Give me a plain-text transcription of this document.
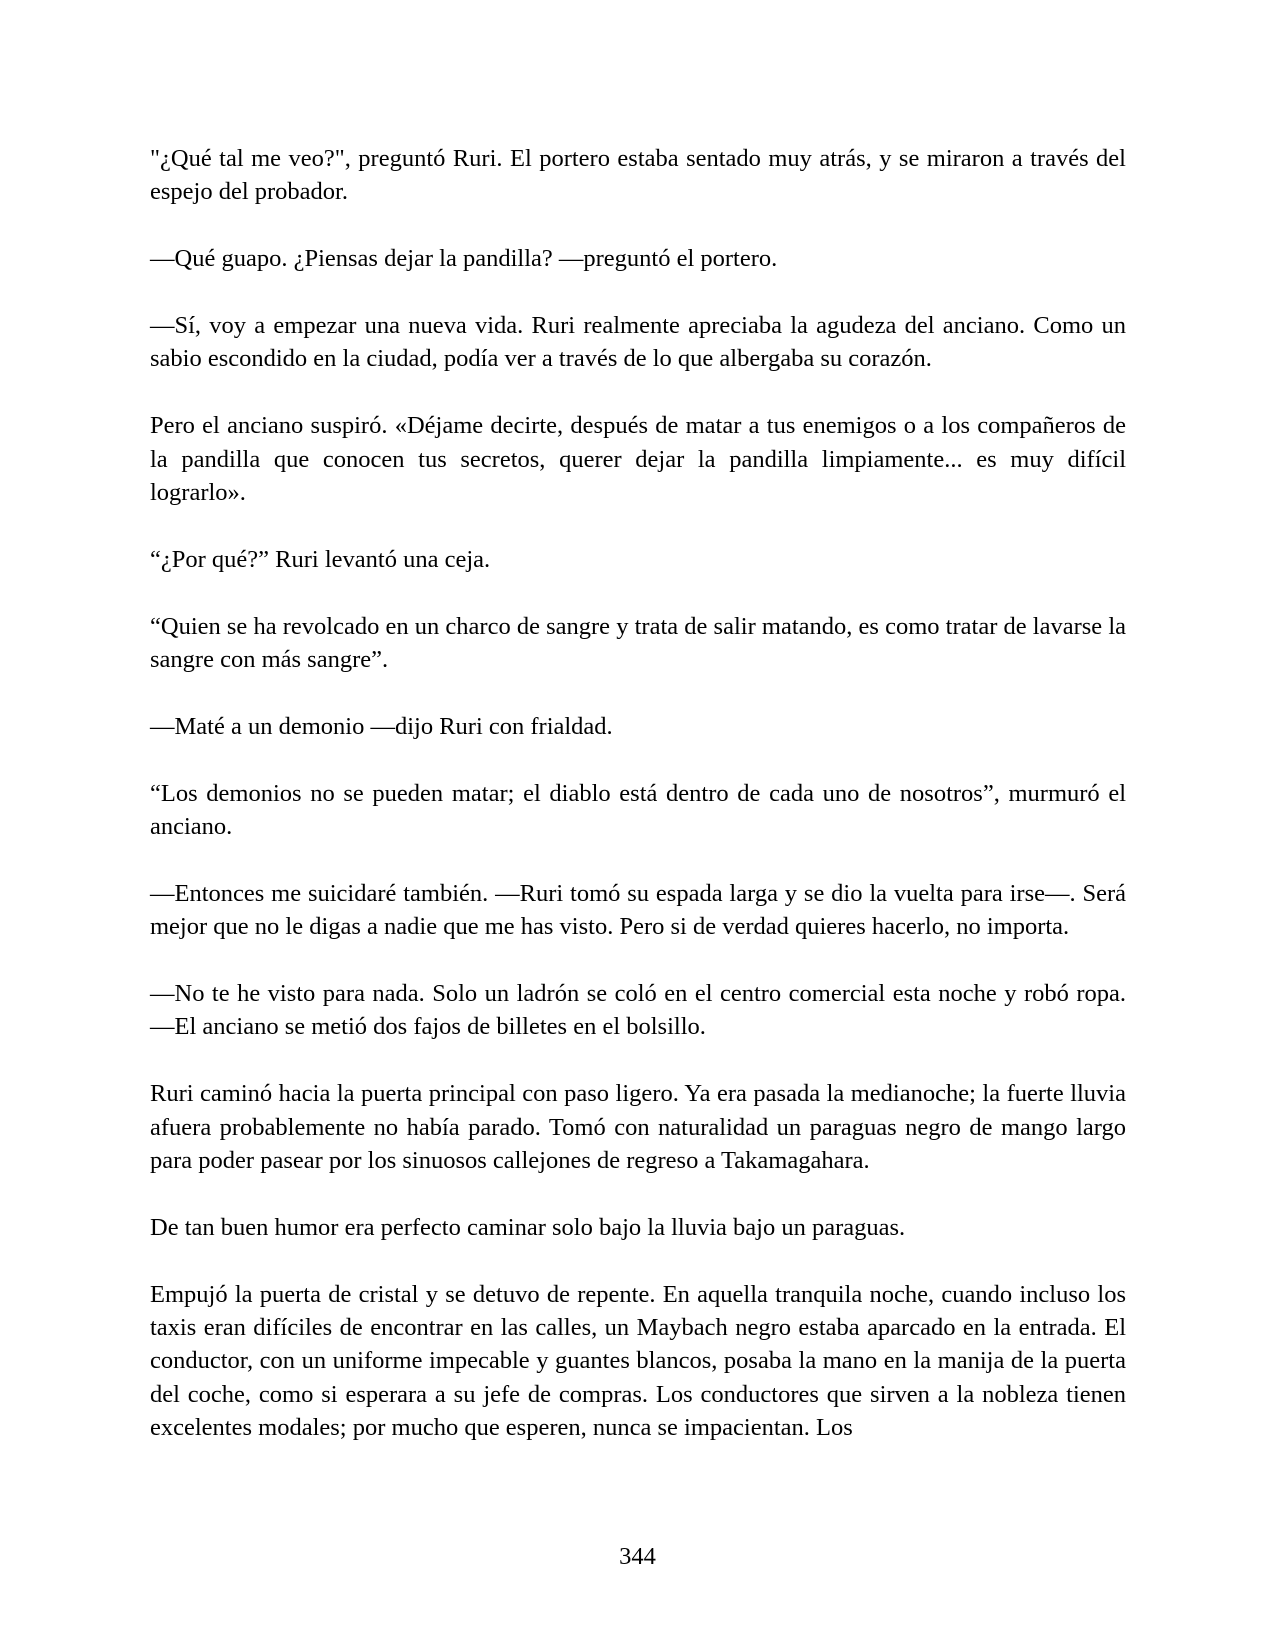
"¿Qué tal me veo?", preguntó Ruri. El portero estaba sentado muy atrás, y se miraron a través del espejo del probador.

—Qué guapo. ¿Piensas dejar la pandilla? —preguntó el portero.

—Sí, voy a empezar una nueva vida. Ruri realmente apreciaba la agudeza del anciano. Como un sabio escondido en la ciudad, podía ver a través de lo que albergaba su corazón.

Pero el anciano suspiró. «Déjame decirte, después de matar a tus enemigos o a los compañeros de la pandilla que conocen tus secretos, querer dejar la pandilla limpiamente... es muy difícil lograrlo».

“¿Por qué?” Ruri levantó una ceja.

“Quien se ha revolcado en un charco de sangre y trata de salir matando, es como tratar de lavarse la sangre con más sangre”.

—Maté a un demonio —dijo Ruri con frialdad.

“Los demonios no se pueden matar; el diablo está dentro de cada uno de nosotros”, murmuró el anciano.

—Entonces me suicidaré también. —Ruri tomó su espada larga y se dio la vuelta para irse—. Será mejor que no le digas a nadie que me has visto. Pero si de verdad quieres hacerlo, no importa.

—No te he visto para nada. Solo un ladrón se coló en el centro comercial esta noche y robó ropa. —El anciano se metió dos fajos de billetes en el bolsillo.

Ruri caminó hacia la puerta principal con paso ligero. Ya era pasada la medianoche; la fuerte lluvia afuera probablemente no había parado. Tomó con naturalidad un paraguas negro de mango largo para poder pasear por los sinuosos callejones de regreso a Takamagahara.

De tan buen humor era perfecto caminar solo bajo la lluvia bajo un paraguas.

Empujó la puerta de cristal y se detuvo de repente. En aquella tranquila noche, cuando incluso los taxis eran difíciles de encontrar en las calles, un Maybach negro estaba aparcado en la entrada. El conductor, con un uniforme impecable y guantes blancos, posaba la mano en la manija de la puerta del coche, como si esperara a su jefe de compras. Los conductores que sirven a la nobleza tienen excelentes modales; por mucho que esperen, nunca se impacientan. Los

344
